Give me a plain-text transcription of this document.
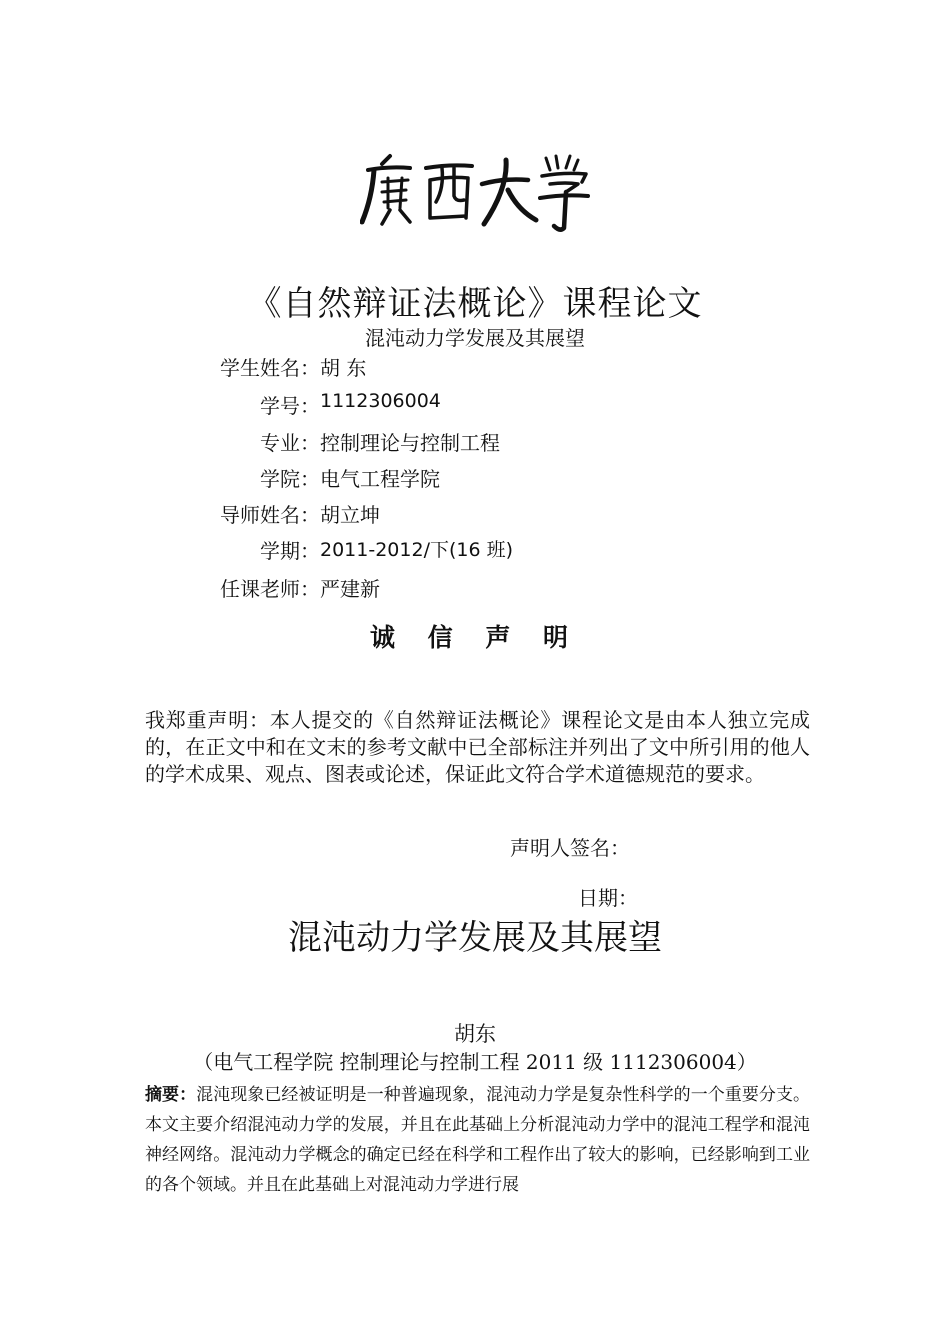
《自然辩证法概论》课程论文
混沌动力学发展及其展望
学生姓名： 胡 东
学号： 1112306004
专业： 控制理论与控制工程
学院： 电气工程学院
导师姓名： 胡立坤
学期： 2011-2012/下(16 班)
任课老师： 严建新
诚 信 声 明
我郑重声明：本人提交的《自然辩证法概论》课程论文是由本人独立完成的，在正文中和在文末的参考文献中已全部标注并列出了文中所引用的他人的学术成果、观点、图表或论述，保证此文符合学术道德规范的要求。
声明人签名：
日期：
混沌动力学发展及其展望
胡东
（电气工程学院 控制理论与控制工程 2011 级 1112306004）
摘要：混沌现象已经被证明是一种普遍现象，混沌动力学是复杂性科学的一个重要分支。本文主要介绍混沌动力学的发展，并且在此基础上分析混沌动力学中的混沌工程学和混沌神经网络。混沌动力学概念的确定已经在科学和工程作出了较大的影响，已经影响到工业的各个领域。并且在此基础上对混沌动力学进行展
